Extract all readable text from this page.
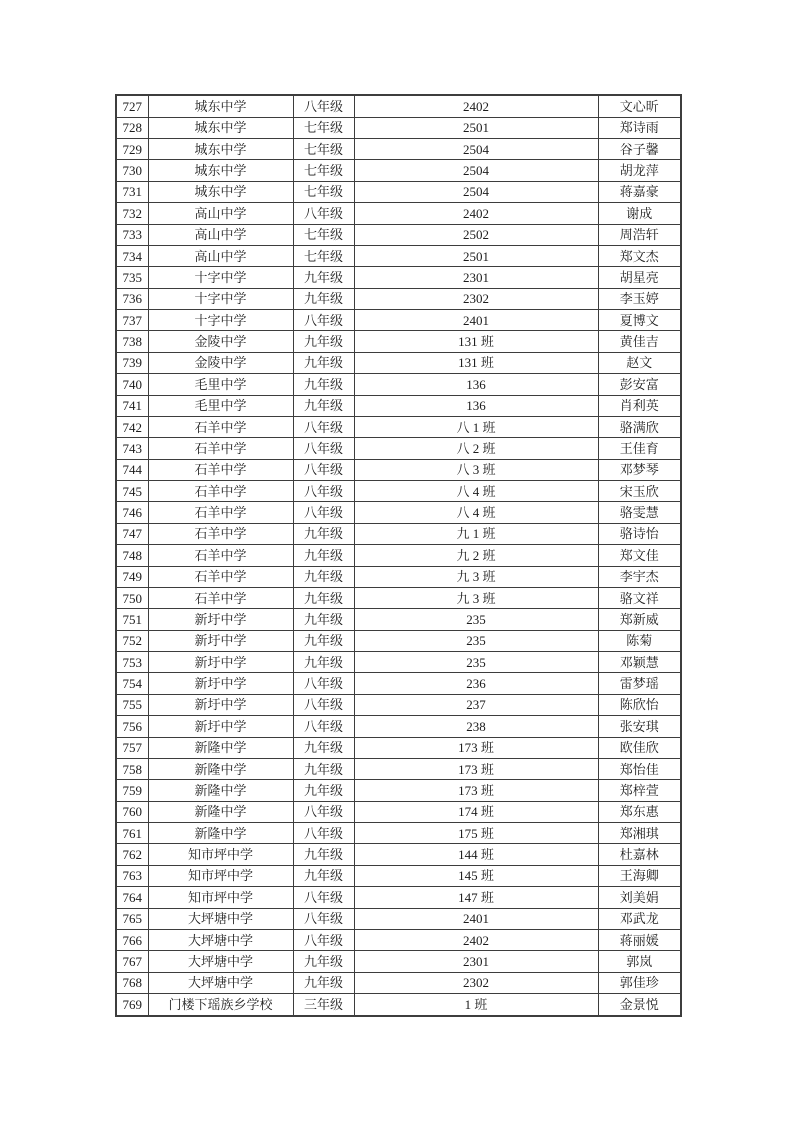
727	城东中学	八年级	2402	文心昕
728	城东中学	七年级	2501	郑诗雨
729	城东中学	七年级	2504	谷子馨
730	城东中学	七年级	2504	胡龙萍
731	城东中学	七年级	2504	蒋嘉豪
732	高山中学	八年级	2402	谢成
733	高山中学	七年级	2502	周浩轩
734	高山中学	七年级	2501	郑文杰
735	十字中学	九年级	2301	胡星亮
736	十字中学	九年级	2302	李玉婷
737	十字中学	八年级	2401	夏博文
738	金陵中学	九年级	131 班	黄佳吉
739	金陵中学	九年级	131 班	赵文
740	毛里中学	九年级	136	彭安富
741	毛里中学	九年级	136	肖利英
742	石羊中学	八年级	八 1 班	骆满欣
743	石羊中学	八年级	八 2 班	王佳育
744	石羊中学	八年级	八 3 班	邓梦琴
745	石羊中学	八年级	八 4 班	宋玉欣
746	石羊中学	八年级	八 4 班	骆雯慧
747	石羊中学	九年级	九 1 班	骆诗怡
748	石羊中学	九年级	九 2 班	郑文佳
749	石羊中学	九年级	九 3 班	李宇杰
750	石羊中学	九年级	九 3 班	骆文祥
751	新圩中学	九年级	235	郑新威
752	新圩中学	九年级	235	陈菊
753	新圩中学	九年级	235	邓颖慧
754	新圩中学	八年级	236	雷梦瑶
755	新圩中学	八年级	237	陈欣怡
756	新圩中学	八年级	238	张安琪
757	新隆中学	九年级	173 班	欧佳欣
758	新隆中学	九年级	173 班	郑怡佳
759	新隆中学	九年级	173 班	郑梓萱
760	新隆中学	八年级	174 班	郑东惠
761	新隆中学	八年级	175 班	郑湘琪
762	知市坪中学	九年级	144 班	杜嘉林
763	知市坪中学	九年级	145 班	王海卿
764	知市坪中学	八年级	147 班	刘美娟
765	大坪塘中学	八年级	2401	邓武龙
766	大坪塘中学	八年级	2402	蒋丽媛
767	大坪塘中学	九年级	2301	郭岚
768	大坪塘中学	九年级	2302	郭佳珍
769	门楼下瑶族乡学校	三年级	1 班	金景悦
